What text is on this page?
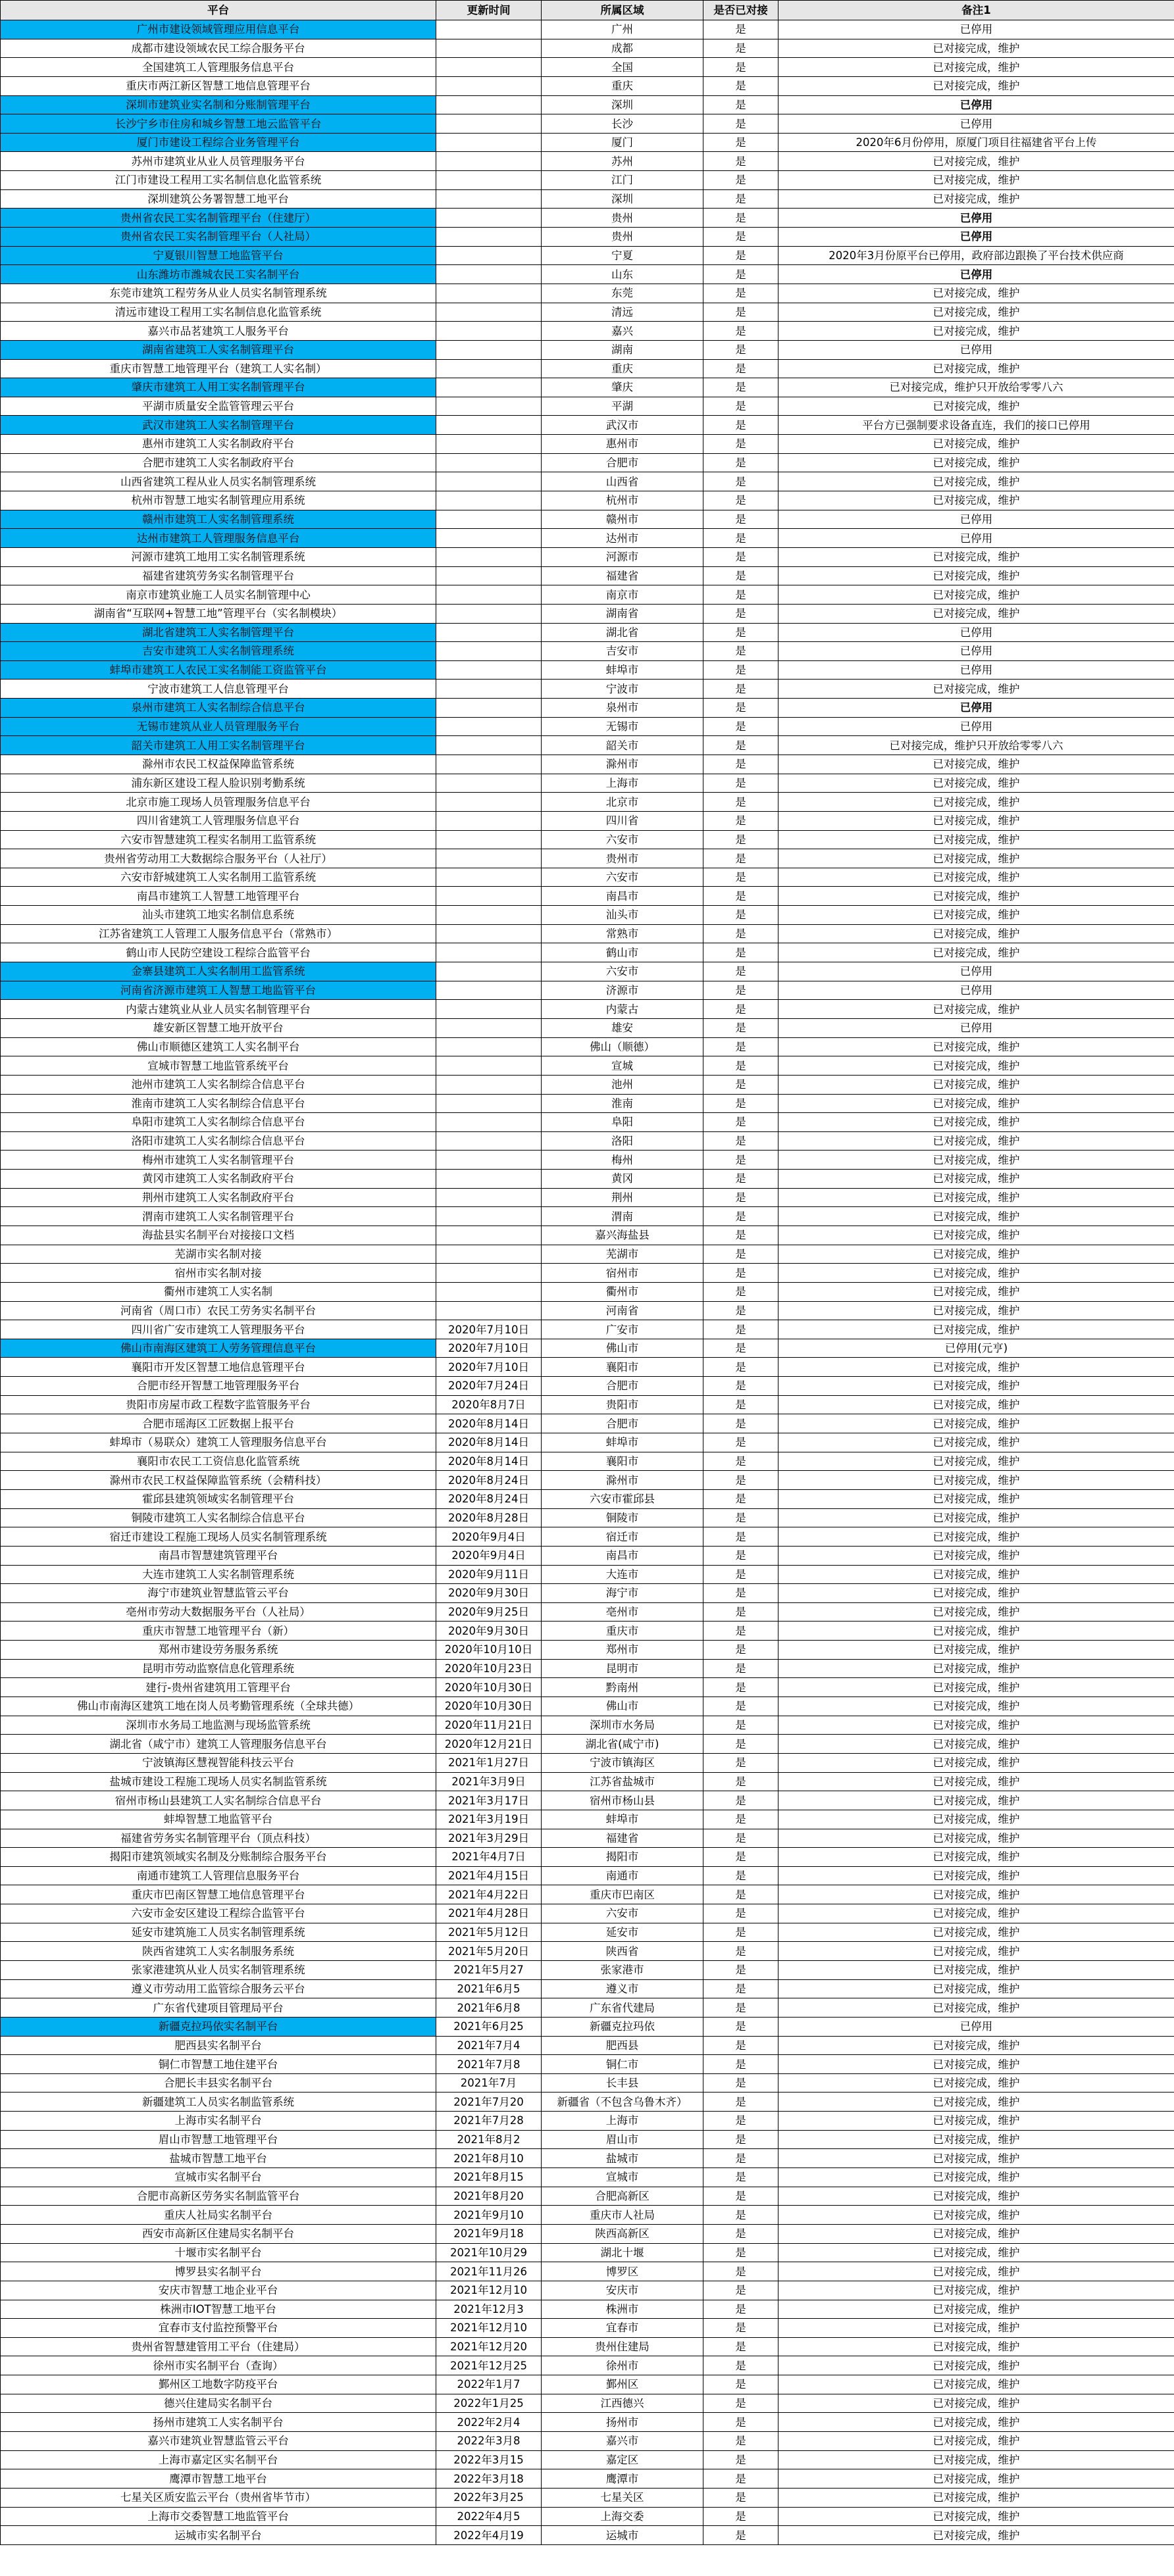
平台	更新时间	所属区域	是否已对接	备注1
广州市建设领域管理应用信息平台		广州	是	已停用
成都市建设领域农民工综合服务平台		成都	是	已对接完成，维护
全国建筑工人管理服务信息平台		全国	是	已对接完成，维护
重庆市两江新区智慧工地信息管理平台		重庆	是	已对接完成，维护
深圳市建筑业实名制和分账制管理平台		深圳	是	已停用
长沙宁乡市住房和城乡智慧工地云监管平台		长沙	是	已停用
厦门市建设工程综合业务管理平台		厦门	是	2020年6月份停用，原厦门项目往福建省平台上传
苏州市建筑业从业人员管理服务平台		苏州	是	已对接完成，维护
江门市建设工程用工实名制信息化监管系统		江门	是	已对接完成，维护
深圳建筑公务署智慧工地平台		深圳	是	已对接完成，维护
贵州省农民工实名制管理平台（住建厅）		贵州	是	已停用
贵州省农民工实名制管理平台（人社局）		贵州	是	已停用
宁夏银川智慧工地监管平台		宁夏	是	2020年3月份原平台已停用，政府部边跟换了平台技术供应商
山东潍坊市潍城农民工实名制平台		山东	是	已停用
东莞市建筑工程劳务从业人员实名制管理系统		东莞	是	已对接完成，维护
清远市建设工程用工实名制信息化监管系统		清远	是	已对接完成，维护
嘉兴市品茗建筑工人服务平台		嘉兴	是	已对接完成，维护
湖南省建筑工人实名制管理平台		湖南	是	已停用
重庆市智慧工地管理平台（建筑工人实名制）		重庆	是	已对接完成，维护
肇庆市建筑工人用工实名制管理平台		肇庆	是	已对接完成，维护只开放给零零八六
平湖市质量安全监管管理云平台		平湖	是	已对接完成，维护
武汉市建筑工人实名制管理平台		武汉市	是	平台方已强制要求设备直连，我们的接口已停用
惠州市建筑工人实名制政府平台		惠州市	是	已对接完成，维护
合肥市建筑工人实名制政府平台		合肥市	是	已对接完成，维护
山西省建筑工程从业人员实名制管理系统		山西省	是	已对接完成，维护
杭州市智慧工地实名制管理应用系统		杭州市	是	已对接完成，维护
赣州市建筑工人实名制管理系统		赣州市	是	已停用
达州市建筑工人管理服务信息平台		达州市	是	已停用
河源市建筑工地用工实名制管理系统		河源市	是	已对接完成，维护
福建省建筑劳务实名制管理平台		福建省	是	已对接完成，维护
南京市建筑业施工人员实名制管理中心		南京市	是	已对接完成，维护
湖南省“互联网+智慧工地”管理平台（实名制模块）		湖南省	是	已对接完成，维护
湖北省建筑工人实名制管理平台		湖北省	是	已停用
吉安市建筑工人实名制管理系统		吉安市	是	已停用
蚌埠市建筑工人农民工实名制能工资监管平台		蚌埠市	是	已停用
宁波市建筑工人信息管理平台		宁波市	是	已对接完成，维护
泉州市建筑工人实名制综合信息平台		泉州市	是	已停用
无锡市建筑从业人员管理服务平台		无锡市	是	已停用
韶关市建筑工人用工实名制管理平台		韶关市	是	已对接完成，维护只开放给零零八六
滁州市农民工权益保障监管系统		滁州市	是	已对接完成，维护
浦东新区建设工程人脸识别考勤系统		上海市	是	已对接完成，维护
北京市施工现场人员管理服务信息平台		北京市	是	已对接完成，维护
四川省建筑工人管理服务信息平台		四川省	是	已对接完成，维护
六安市智慧建筑工程实名制用工监管系统		六安市	是	已对接完成，维护
贵州省劳动用工大数据综合服务平台（人社厅）		贵州市	是	已对接完成，维护
六安市舒城建筑工人实名制用工监管系统		六安市	是	已对接完成，维护
南昌市建筑工人智慧工地管理平台		南昌市	是	已对接完成，维护
汕头市建筑工地实名制信息系统		汕头市	是	已对接完成，维护
江苏省建筑工人管理工人服务信息平台（常熟市）		常熟市	是	已对接完成，维护
鹤山市人民防空建设工程综合监管平台		鹤山市	是	已对接完成，维护
金寨县建筑工人实名制用工监管系统		六安市	是	已停用
河南省济源市建筑工人智慧工地监管平台		济源市	是	已停用
内蒙古建筑业从业人员实名制管理平台		内蒙古	是	已对接完成，维护
雄安新区智慧工地开放平台		雄安	是	已停用
佛山市顺德区建筑工人实名制平台		佛山（顺德）	是	已对接完成，维护
宣城市智慧工地监管系统平台		宣城	是	已对接完成，维护
池州市建筑工人实名制综合信息平台		池州	是	已对接完成，维护
淮南市建筑工人实名制综合信息平台		淮南	是	已对接完成，维护
阜阳市建筑工人实名制综合信息平台		阜阳	是	已对接完成，维护
洛阳市建筑工人实名制综合信息平台		洛阳	是	已对接完成，维护
梅州市建筑工人实名制管理平台		梅州	是	已对接完成，维护
黄冈市建筑工人实名制政府平台		黄冈	是	已对接完成，维护
荆州市建筑工人实名制政府平台		荆州	是	已对接完成，维护
渭南市建筑工人实名制管理平台		渭南	是	已对接完成，维护
海盐县实名制平台对接接口文档		嘉兴海盐县	是	已对接完成，维护
芜湖市实名制对接		芜湖市	是	已对接完成，维护
宿州市实名制对接		宿州市	是	已对接完成，维护
衢州市建筑工人实名制		衢州市	是	已对接完成，维护
河南省（周口市）农民工劳务实名制平台		河南省	是	已对接完成，维护
四川省广安市建筑工人管理服务平台	2020年7月10日	广安市	是	已对接完成，维护
佛山市南海区建筑工人劳务管理信息平台	2020年7月10日	佛山市	是	已停用(元亨)
襄阳市开发区智慧工地信息管理平台	2020年7月10日	襄阳市	是	已对接完成，维护
合肥市经开智慧工地管理服务平台	2020年7月24日	合肥市	是	已对接完成，维护
贵阳市房屋市政工程数字监管服务平台	2020年8月7日	贵阳市	是	已对接完成，维护
合肥市瑶海区工匠数据上报平台	2020年8月14日	合肥市	是	已对接完成，维护
蚌埠市（易联众）建筑工人管理服务信息平台	2020年8月14日	蚌埠市	是	已对接完成，维护
襄阳市农民工工资信息化监管系统	2020年8月14日	襄阳市	是	已对接完成，维护
滁州市农民工权益保障监管系统（会精科技）	2020年8月24日	滁州市	是	已对接完成，维护
霍邱县建筑领域实名制管理平台	2020年8月24日	六安市霍邱县	是	已对接完成，维护
铜陵市建筑工人实名制综合信息平台	2020年8月28日	铜陵市	是	已对接完成，维护
宿迁市建设工程施工现场人员实名制管理系统	2020年9月4日	宿迁市	是	已对接完成，维护
南昌市智慧建筑管理平台	2020年9月4日	南昌市	是	已对接完成，维护
大连市建筑工人实名制管理系统	2020年9月11日	大连市	是	已对接完成，维护
海宁市建筑业智慧监管云平台	2020年9月30日	海宁市	是	已对接完成，维护
亳州市劳动大数据服务平台（人社局）	2020年9月25日	亳州市	是	已对接完成，维护
重庆市智慧工地管理平台（新）	2020年9月30日	重庆市	是	已对接完成，维护
郑州市建设劳务服务系统	2020年10月10日	郑州市	是	已对接完成，维护
昆明市劳动监察信息化管理系统	2020年10月23日	昆明市	是	已对接完成，维护
建行-贵州省建筑用工管理平台	2020年10月30日	黔南州	是	已对接完成，维护
佛山市南海区建筑工地在岗人员考勤管理系统（全球共德）	2020年10月30日	佛山市	是	已对接完成，维护
深圳市水务局工地监测与现场监管系统	2020年11月21日	深圳市水务局	是	已对接完成，维护
湖北省（咸宁市）建筑工人管理服务信息平台	2020年12月21日	湖北省(咸宁市)	是	已对接完成，维护
宁波镇海区慧视智能科技云平台	2021年1月27日	宁波市镇海区	是	已对接完成，维护
盐城市建设工程施工现场人员实名制监管系统	2021年3月9日	江苏省盐城市	是	已对接完成，维护
宿州市杨山县建筑工人实名制综合信息平台	2021年3月17日	宿州市杨山县	是	已对接完成，维护
蚌埠智慧工地监管平台	2021年3月19日	蚌埠市	是	已对接完成，维护
福建省劳务实名制管理平台（顶点科技）	2021年3月29日	福建省	是	已对接完成，维护
揭阳市建筑领域实名制及分账制综合服务平台	2021年4月7日	揭阳市	是	已对接完成，维护
南通市建筑工人管理信息服务平台	2021年4月15日	南通市	是	已对接完成，维护
重庆市巴南区智慧工地信息管理平台	2021年4月22日	重庆市巴南区	是	已对接完成，维护
六安市金安区建设工程综合监管平台	2021年4月28日	六安市	是	已对接完成，维护
延安市建筑施工人员实名制管理系统	2021年5月12日	延安市	是	已对接完成，维护
陕西省建筑工人实名制服务系统	2021年5月20日	陕西省	是	已对接完成，维护
张家港建筑从业人员实名制管理系统	2021年5月27	张家港市	是	已对接完成，维护
遵义市劳动用工监管综合服务云平台	2021年6月5	遵义市	是	已对接完成，维护
广东省代建项目管理局平台	2021年6月8	广东省代建局	是	已对接完成，维护
新疆克拉玛依实名制平台	2021年6月25	新疆克拉玛依	是	已停用
肥西县实名制平台	2021年7月4	肥西县	是	已对接完成，维护
铜仁市智慧工地住建平台	2021年7月8	铜仁市	是	已对接完成，维护
合肥长丰县实名制平台	2021年7月	长丰县	是	已对接完成，维护
新疆建筑工人员实名制监管系统	2021年7月20	新疆省（不包含乌鲁木齐）	是	已对接完成，维护
上海市实名制平台	2021年7月28	上海市	是	已对接完成，维护
眉山市智慧工地管理平台	2021年8月2	眉山市	是	已对接完成，维护
盐城市智慧工地平台	2021年8月10	盐城市	是	已对接完成，维护
宣城市实名制平台	2021年8月15	宣城市	是	已对接完成，维护
合肥市高新区劳务实名制监管平台	2021年8月20	合肥高新区	是	已对接完成，维护
重庆人社局实名制平台	2021年9月10	重庆市人社局	是	已对接完成，维护
西安市高新区住建局实名制平台	2021年9月18	陕西高新区	是	已对接完成，维护
十堰市实名制平台	2021年10月29	湖北十堰	是	已对接完成，维护
博罗县实名制平台	2021年11月26	博罗区	是	已对接完成，维护
安庆市智慧工地企业平台	2021年12月10	安庆市	是	已对接完成，维护
株洲市IOT智慧工地平台	2021年12月3	株洲市	是	已对接完成，维护
宜春市支付监控预警平台	2021年12月10	宜春市	是	已对接完成，维护
贵州省智慧建管用工平台（住建局）	2021年12月20	贵州住建局	是	已对接完成，维护
徐州市实名制平台（查询）	2021年12月25	徐州市	是	已对接完成，维护
鄞州区工地数字防疫平台	2022年1月7	鄞州区	是	已对接完成，维护
德兴住建局实名制平台	2022年1月25	江西德兴	是	已对接完成，维护
扬州市建筑工人实名制平台	2022年2月4	扬州市	是	已对接完成，维护
嘉兴市建筑业智慧监管云平台	2022年3月8	嘉兴市	是	已对接完成，维护
上海市嘉定区实名制平台	2022年3月15	嘉定区	是	已对接完成，维护
鹰潭市智慧工地平台	2022年3月18	鹰潭市	是	已对接完成，维护
七星关区质安监云平台（贵州省毕节市）	2022年3月25	七星关区	是	已对接完成，维护
上海市交委智慧工地监管平台	2022年4月5	上海交委	是	已对接完成，维护
运城市实名制平台	2022年4月19	运城市	是	已对接完成，维护
